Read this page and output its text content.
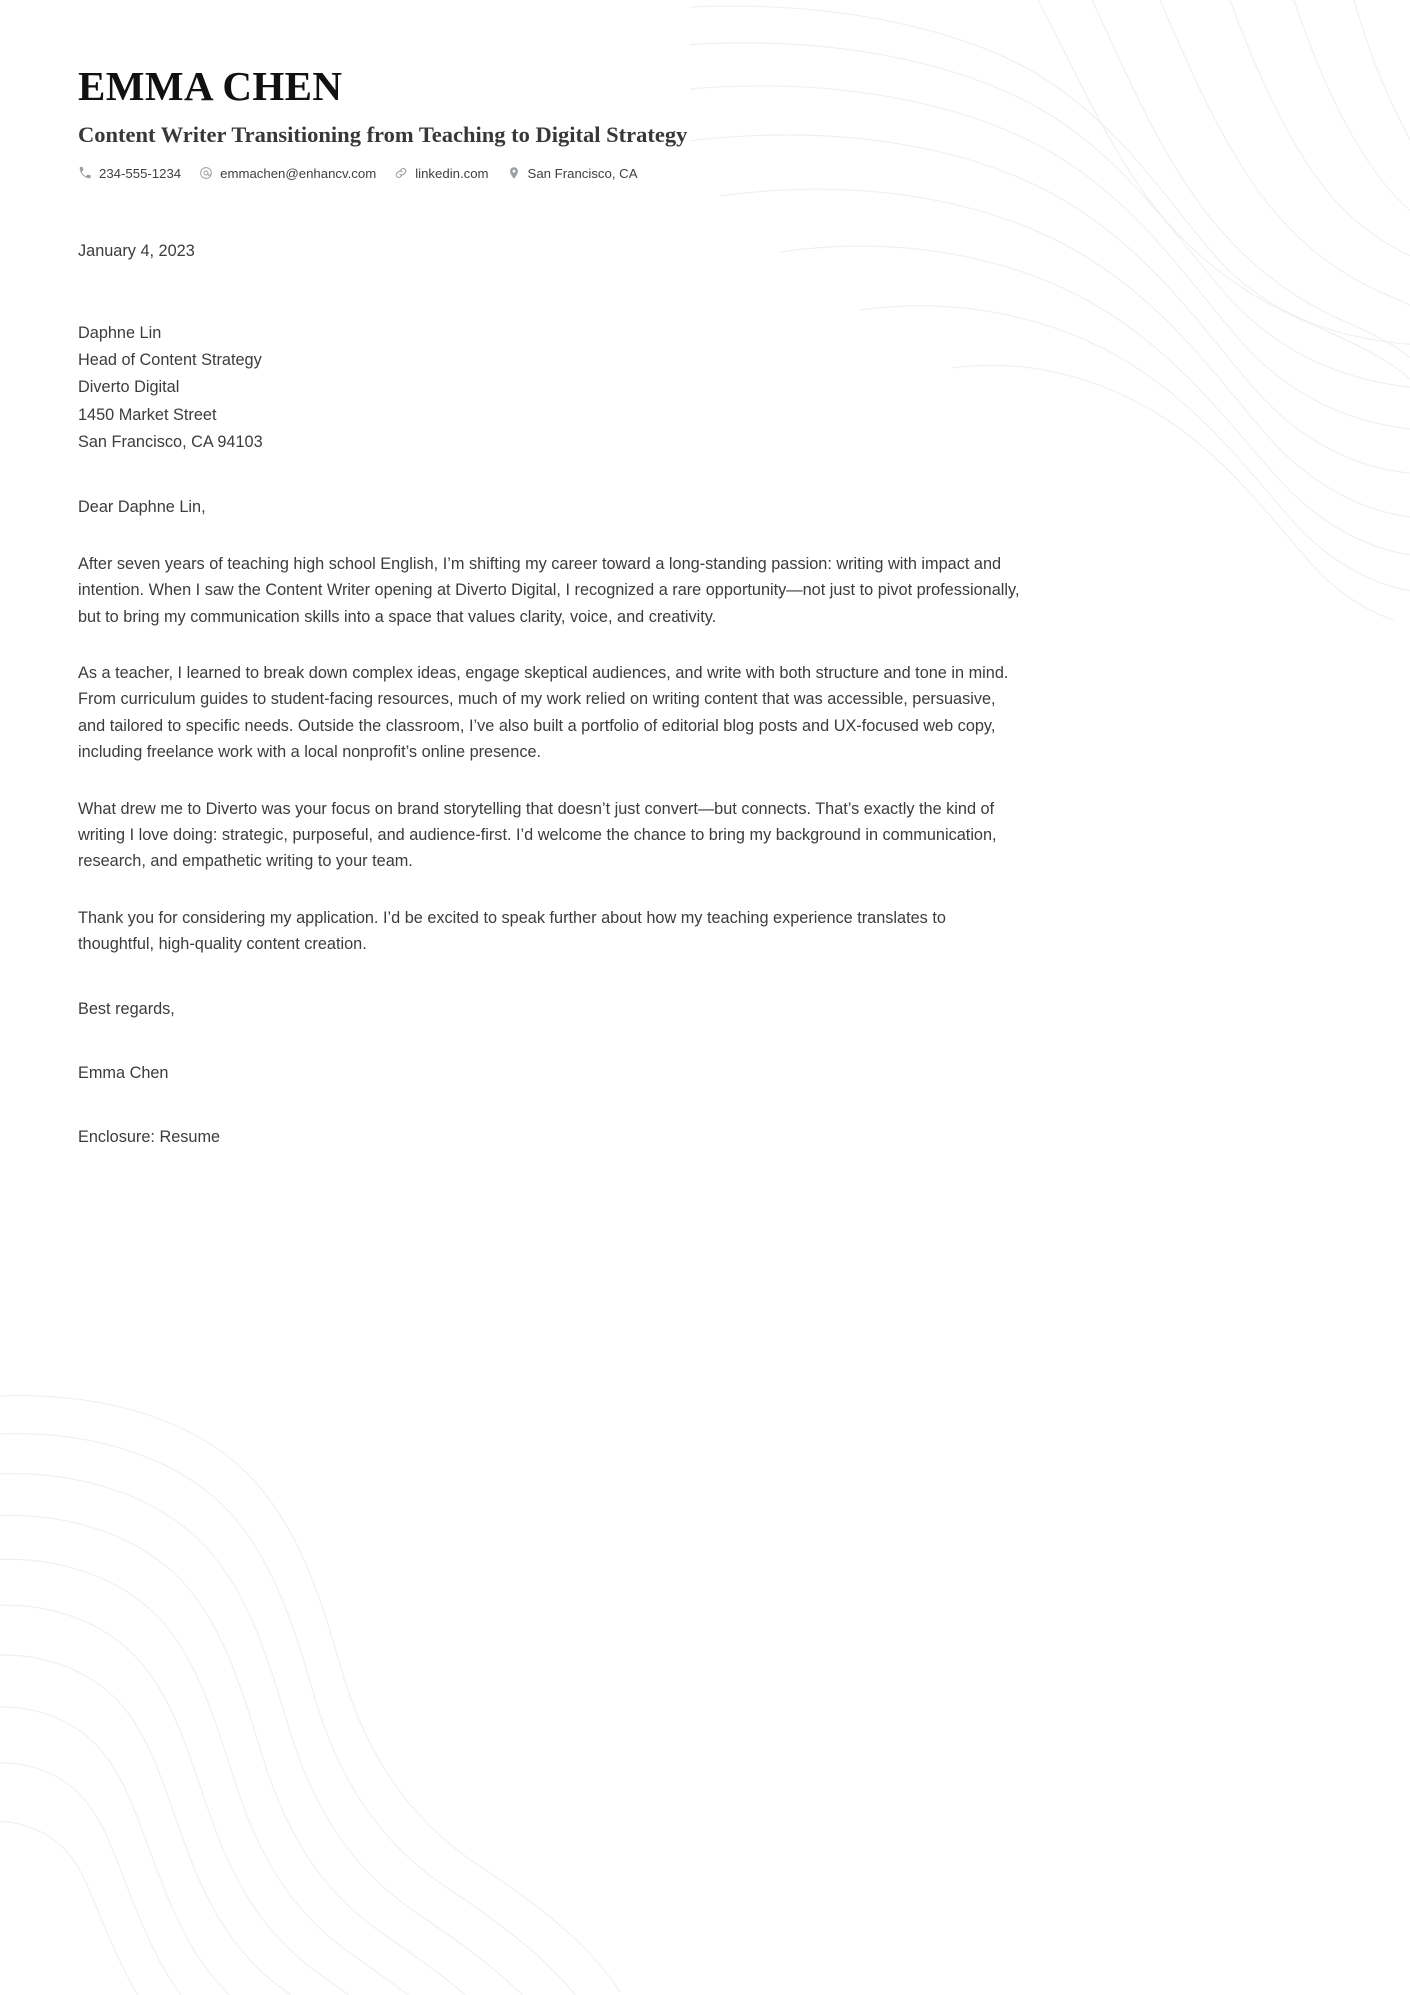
EMMA CHEN
Content Writer Transitioning from Teaching to Digital Strategy
234-555-1234	emmachen@enhancv.com	linkedin.com	San Francisco, CA
January 4, 2023
Daphne Lin
Head of Content Strategy
Diverto Digital
1450 Market Street
San Francisco, CA 94103
Dear Daphne Lin,

After seven years of teaching high school English, I’m shifting my career toward a long-standing passion: writing with impact and intention. When I saw the Content Writer opening at Diverto Digital, I recognized a rare opportunity—not just to pivot professionally, but to bring my communication skills into a space that values clarity, voice, and creativity.

As a teacher, I learned to break down complex ideas, engage skeptical audiences, and write with both structure and tone in mind. From curriculum guides to student-facing resources, much of my work relied on writing content that was accessible, persuasive, and tailored to specific needs. Outside the classroom, I’ve also built a portfolio of editorial blog posts and UX-focused web copy, including freelance work with a local nonprofit’s online presence.

What drew me to Diverto was your focus on brand storytelling that doesn’t just convert—but connects. That’s exactly the kind of writing I love doing: strategic, purposeful, and audience-first. I’d welcome the chance to bring my background in communication, research, and empathetic writing to your team.

Thank you for considering my application. I’d be excited to speak further about how my teaching experience translates to thoughtful, high-quality content creation.

Best regards,
Emma Chen
Enclosure: Resume
